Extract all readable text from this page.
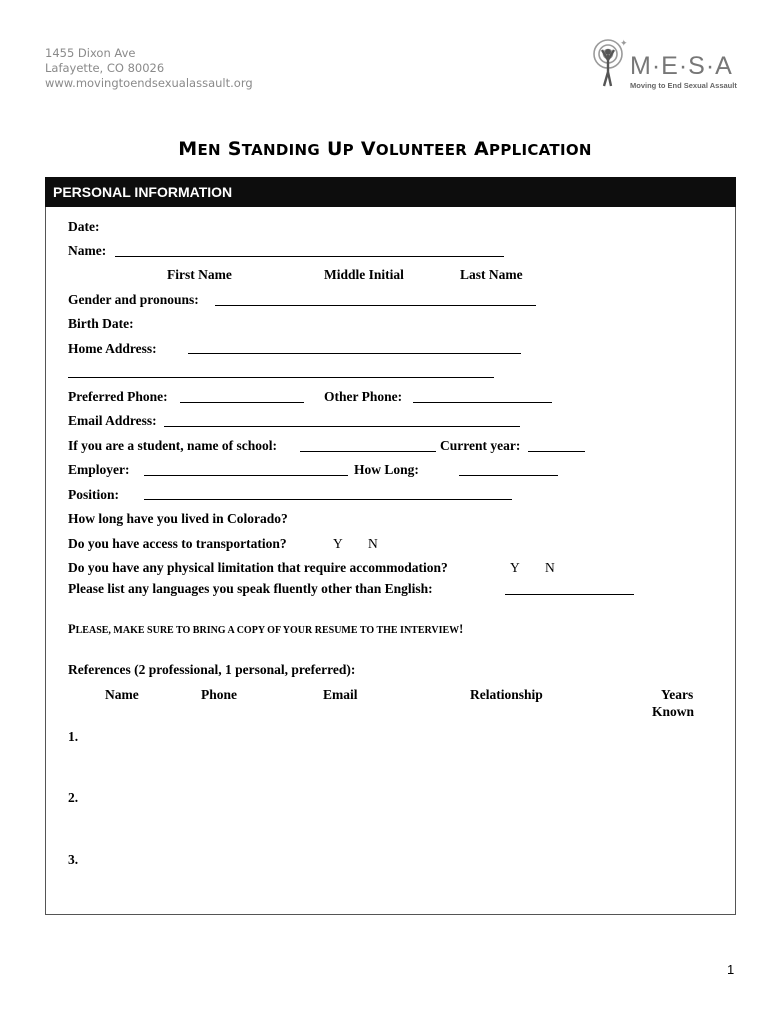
1455 Dixon Ave
Lafayette, CO 80026
www.movingtoendsexualassault.org
✦
M·E·S·A
Moving to End Sexual Assault
MEN STANDING UP VOLUNTEER APPLICATION
PERSONAL INFORMATION
Date:
Name:
First Name	Middle Initial	Last Name
Gender and pronouns:
Birth Date:
Home Address:
Preferred Phone:	Other Phone:
Email Address:
If you are a student, name of school:	Current year:
Employer:	How Long:
Position:
How long have you lived in Colorado?
Do you have access to transportation?	Y N
Do you have any physical limitation that require accommodation?	Y N
Please list any languages you speak fluently other than English:
PLEASE, MAKE SURE TO BRING A COPY OF YOUR RESUME TO THE INTERVIEW!
References (2 professional, 1 personal, preferred):
Name	Phone	Email	Relationship	Years
Known
1.
2.
3.
1
